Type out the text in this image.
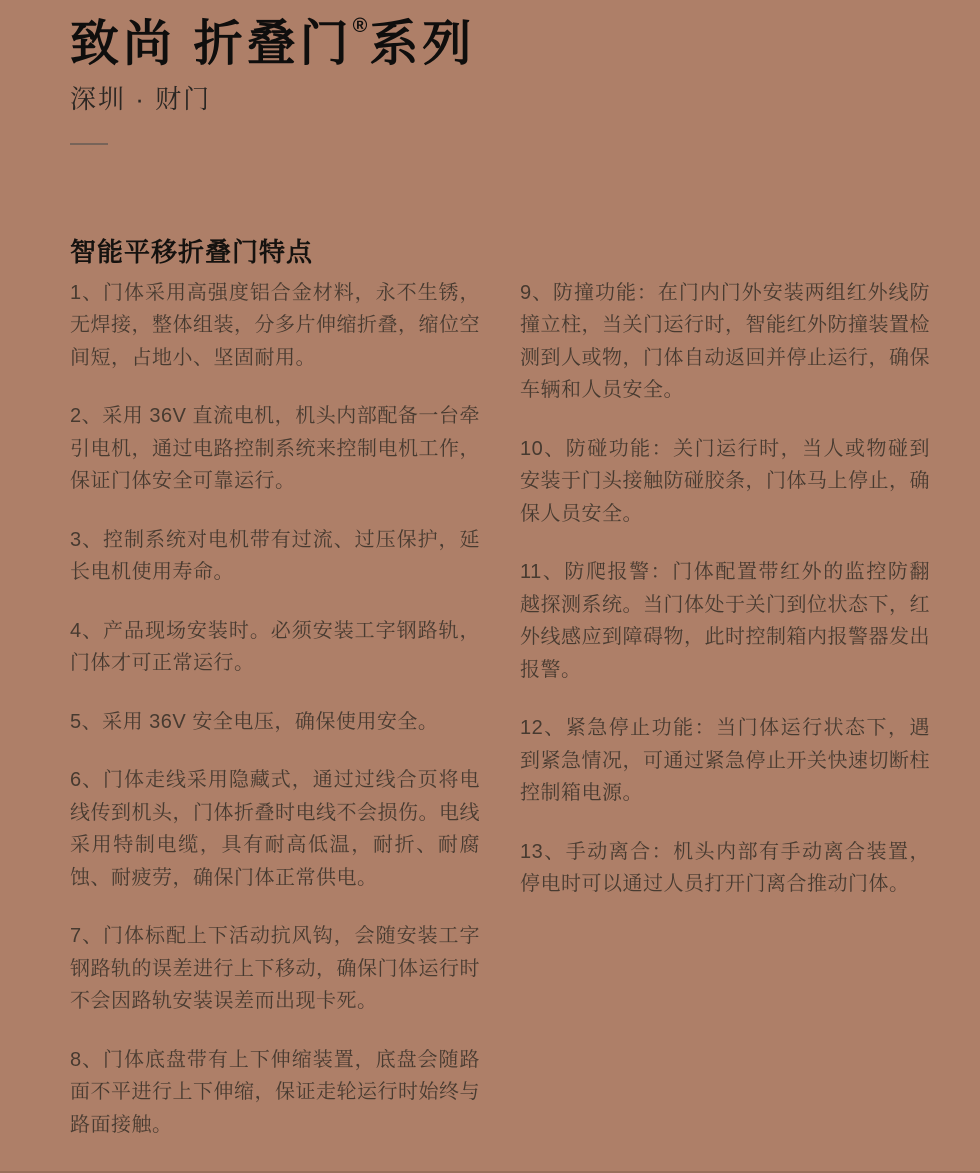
致尚 折叠门®系列
深圳 · 财门
智能平移折叠门特点

1、门体采用高强度铝合金材料，永不生锈，无焊接，整体组装，分多片伸缩折叠，缩位空间短，占地小、坚固耐用。

2、采用 36V 直流电机，机头内部配备一台牵引电机，通过电路控制系统来控制电机工作，保证门体安全可靠运行。

3、控制系统对电机带有过流、过压保护，延长电机使用寿命。

4、产品现场安装时。必须安装工字钢路轨，门体才可正常运行。

5、采用 36V 安全电压，确保使用安全。

6、门体走线采用隐藏式，通过过线合页将电线传到机头，门体折叠时电线不会损伤。电线采用特制电缆，具有耐高低温，耐折、耐腐蚀、耐疲劳，确保门体正常供电。

7、门体标配上下活动抗风钩，会随安装工字钢路轨的误差进行上下移动，确保门体运行时不会因路轨安装误差而出现卡死。

8、门体底盘带有上下伸缩装置，底盘会随路面不平进行上下伸缩，保证走轮运行时始终与路面接触。

9、防撞功能：在门内门外安装两组红外线防撞立柱，当关门运行时，智能红外防撞装置检测到人或物，门体自动返回并停止运行，确保车辆和人员安全。

10、防碰功能：关门运行时，当人或物碰到安装于门头接触防碰胶条，门体马上停止，确保人员安全。

11、防爬报警：门体配置带红外的监控防翻越探测系统。当门体处于关门到位状态下，红外线感应到障碍物，此时控制箱内报警器发出报警。

12、紧急停止功能：当门体运行状态下，遇到紧急情况，可通过紧急停止开关快速切断柱控制箱电源。

13、手动离合：机头内部有手动离合装置，停电时可以通过人员打开门离合推动门体。
